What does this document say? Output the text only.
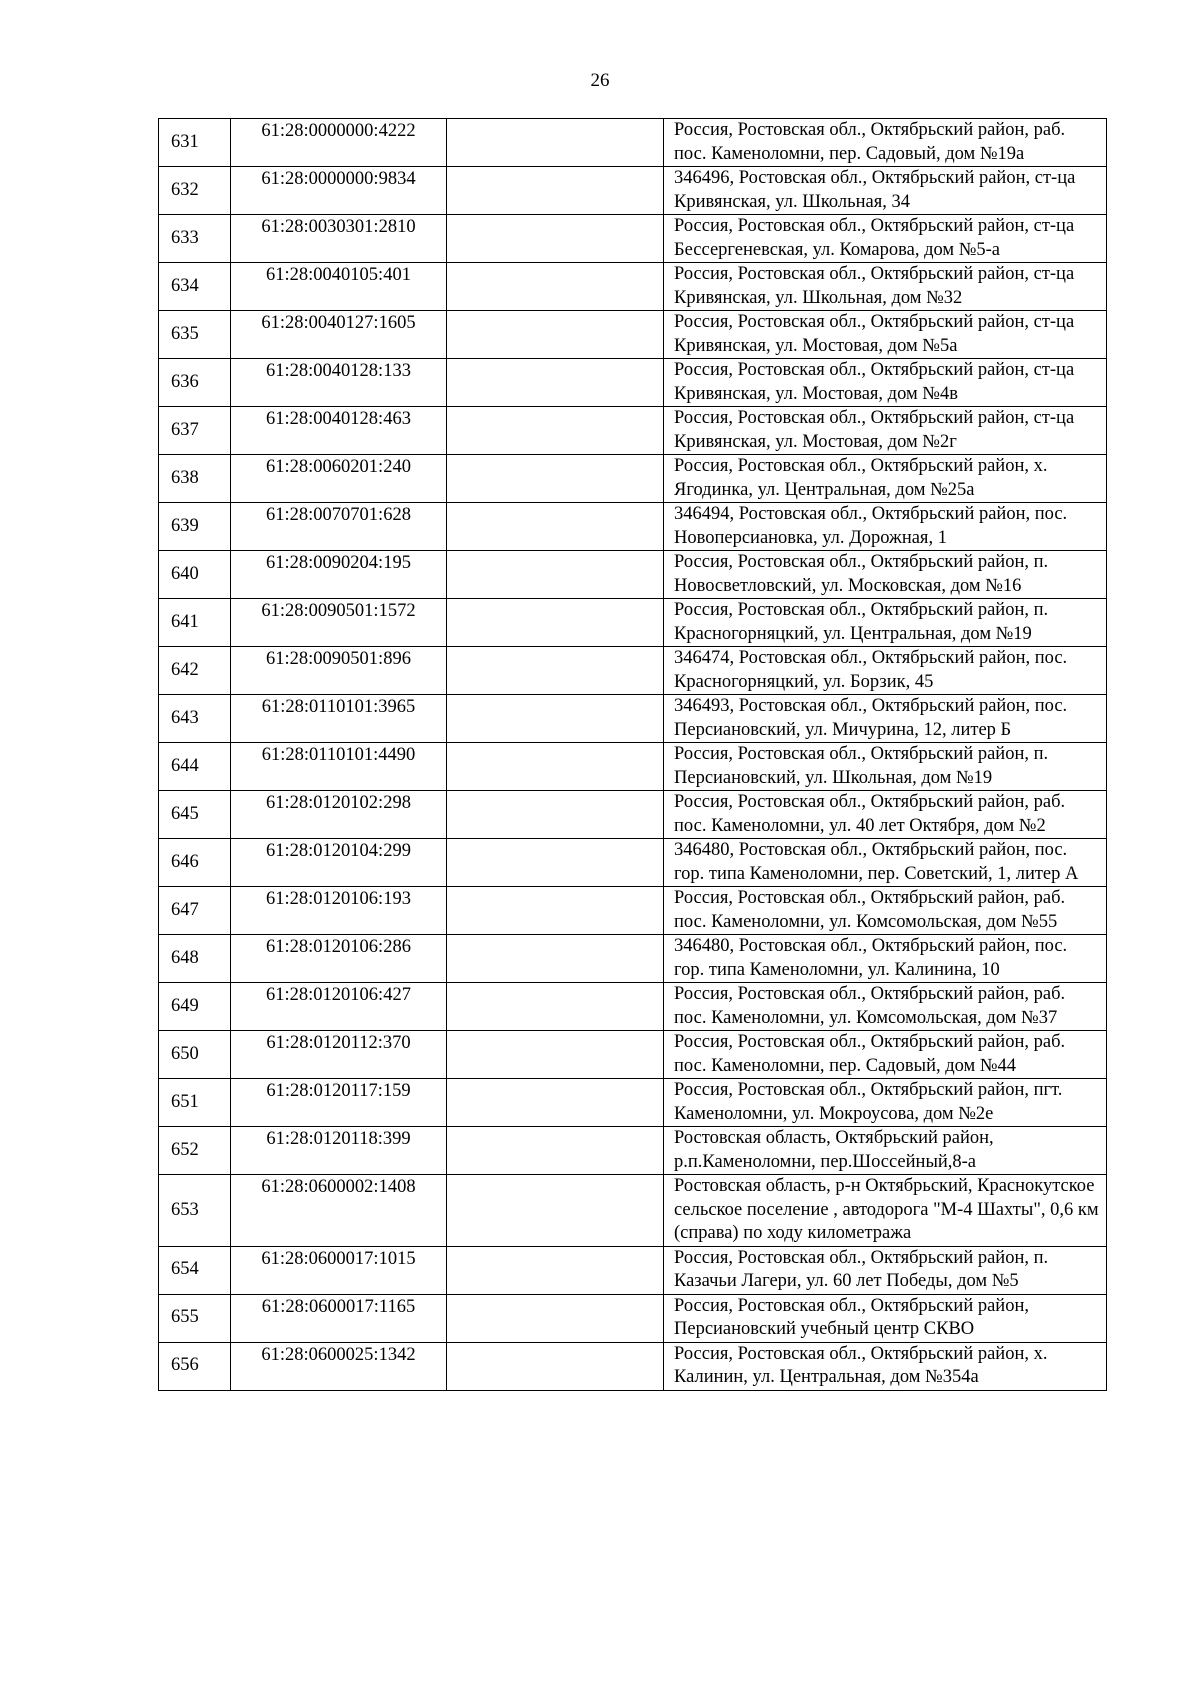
26
631	61:28:0000000:4222		Россия, Ростовская обл., Октябрьский район, раб. пос. Каменоломни, пер. Садовый, дом №19а
632	61:28:0000000:9834		346496, Ростовская обл., Октябрьский район, ст-ца Кривянская, ул. Школьная, 34
633	61:28:0030301:2810		Россия, Ростовская обл., Октябрьский район, ст-ца Бессергеневская, ул. Комарова, дом №5-а
634	61:28:0040105:401		Россия, Ростовская обл., Октябрьский район, ст-ца Кривянская, ул. Школьная, дом №32
635	61:28:0040127:1605		Россия, Ростовская обл., Октябрьский район, ст-ца Кривянская, ул. Мостовая, дом №5а
636	61:28:0040128:133		Россия, Ростовская обл., Октябрьский район, ст-ца Кривянская, ул. Мостовая, дом №4в
637	61:28:0040128:463		Россия, Ростовская обл., Октябрьский район, ст-ца Кривянская, ул. Мостовая, дом №2г
638	61:28:0060201:240		Россия, Ростовская обл., Октябрьский район, х. Ягодинка, ул. Центральная, дом №25а
639	61:28:0070701:628		346494, Ростовская обл., Октябрьский район, пос. Новоперсиановка, ул. Дорожная, 1
640	61:28:0090204:195		Россия, Ростовская обл., Октябрьский район, п. Новосветловский, ул. Московская, дом №16
641	61:28:0090501:1572		Россия, Ростовская обл., Октябрьский район, п. Красногорняцкий, ул. Центральная, дом №19
642	61:28:0090501:896		346474, Ростовская обл., Октябрьский район, пос. Красногорняцкий, ул. Борзик, 45
643	61:28:0110101:3965		346493, Ростовская обл., Октябрьский район, пос. Персиановский, ул. Мичурина, 12, литер Б
644	61:28:0110101:4490		Россия, Ростовская обл., Октябрьский район, п. Персиановский, ул. Школьная, дом №19
645	61:28:0120102:298		Россия, Ростовская обл., Октябрьский район, раб. пос. Каменоломни, ул. 40 лет Октября, дом №2
646	61:28:0120104:299		346480, Ростовская обл., Октябрьский район, пос. гор. типа Каменоломни, пер. Советский, 1, литер А
647	61:28:0120106:193		Россия, Ростовская обл., Октябрьский район, раб. пос. Каменоломни, ул. Комсомольская, дом №55
648	61:28:0120106:286		346480, Ростовская обл., Октябрьский район, пос. гор. типа Каменоломни, ул. Калинина, 10
649	61:28:0120106:427		Россия, Ростовская обл., Октябрьский район, раб. пос. Каменоломни, ул. Комсомольская, дом №37
650	61:28:0120112:370		Россия, Ростовская обл., Октябрьский район, раб. пос. Каменоломни, пер. Садовый, дом №44
651	61:28:0120117:159		Россия, Ростовская обл., Октябрьский район, пгт. Каменоломни, ул. Мокроусова, дом №2е
652	61:28:0120118:399		Ростовская область, Октябрьский район, р.п.Каменоломни, пер.Шоссейный,8-а
653	61:28:0600002:1408		Ростовская область, р-н Октябрьский, Краснокутское сельское поселение , автодорога "М-4 Шахты", 0,6 км (справа) по ходу километража
654	61:28:0600017:1015		Россия, Ростовская обл., Октябрьский район, п. Казачьи Лагери, ул. 60 лет Победы, дом №5
655	61:28:0600017:1165		Россия, Ростовская обл., Октябрьский район, Персиановский учебный центр СКВО
656	61:28:0600025:1342		Россия, Ростовская обл., Октябрьский район, х. Калинин, ул. Центральная, дом №354а
